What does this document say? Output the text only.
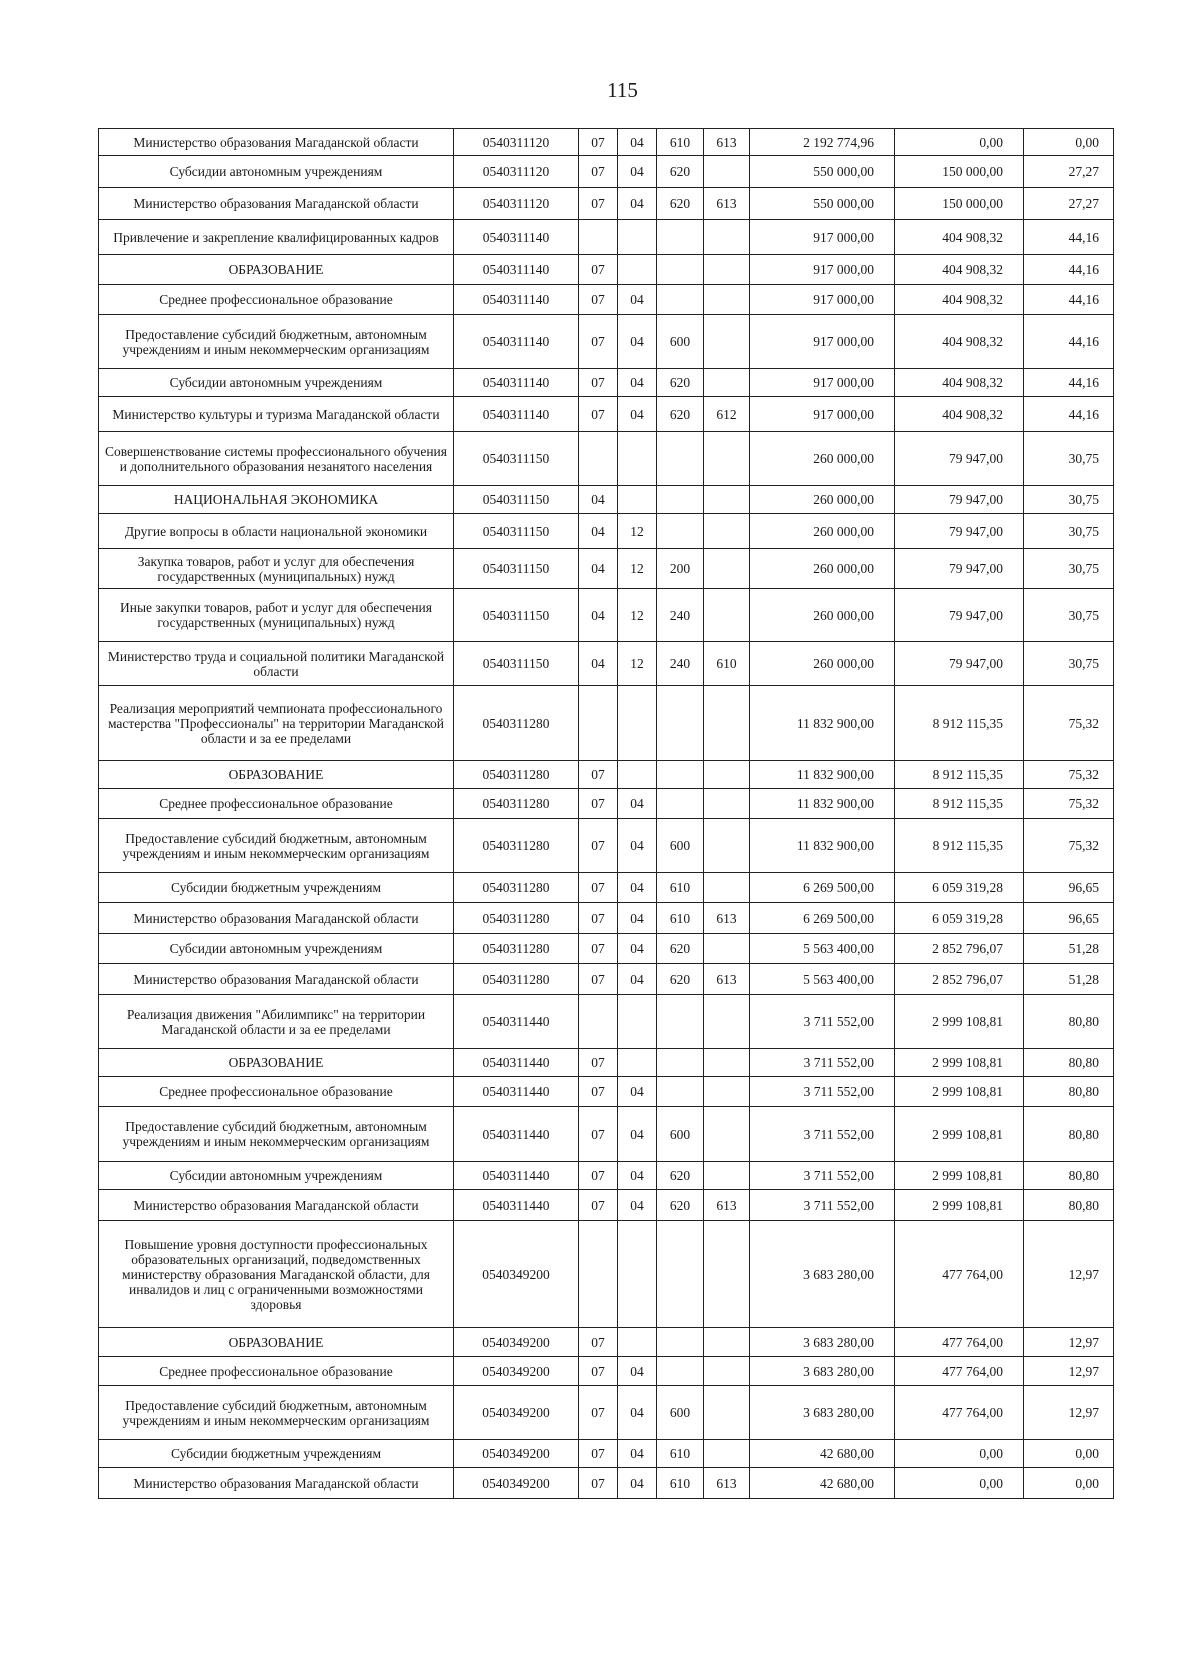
115
Министерство образования Магаданской области	0540311120	07	04	610	613	2 192 774,96	0,00	0,00
Субсидии автономным учреждениям	0540311120	07	04	620		550 000,00	150 000,00	27,27
Министерство образования Магаданской области	0540311120	07	04	620	613	550 000,00	150 000,00	27,27
Привлечение и закрепление квалифицированных кадров	0540311140					917 000,00	404 908,32	44,16
ОБРАЗОВАНИЕ	0540311140	07				917 000,00	404 908,32	44,16
Среднее профессиональное образование	0540311140	07	04			917 000,00	404 908,32	44,16
Предоставление субсидий бюджетным, автономным учреждениям и иным некоммерческим организациям	0540311140	07	04	600		917 000,00	404 908,32	44,16
Субсидии автономным учреждениям	0540311140	07	04	620		917 000,00	404 908,32	44,16
Министерство культуры и туризма Магаданской области	0540311140	07	04	620	612	917 000,00	404 908,32	44,16
Совершенствование системы профессионального обучения и дополнительного образования незанятого населения	0540311150					260 000,00	79 947,00	30,75
НАЦИОНАЛЬНАЯ ЭКОНОМИКА	0540311150	04				260 000,00	79 947,00	30,75
Другие вопросы в области национальной экономики	0540311150	04	12			260 000,00	79 947,00	30,75
Закупка товаров, работ и услуг для обеспечения государственных (муниципальных) нужд	0540311150	04	12	200		260 000,00	79 947,00	30,75
Иные закупки товаров, работ и услуг для обеспечения государственных (муниципальных) нужд	0540311150	04	12	240		260 000,00	79 947,00	30,75
Министерство труда и социальной политики Магаданской области	0540311150	04	12	240	610	260 000,00	79 947,00	30,75
Реализация мероприятий чемпионата профессионального мастерства "Профессионалы" на территории Магаданской области и за ее пределами	0540311280					11 832 900,00	8 912 115,35	75,32
ОБРАЗОВАНИЕ	0540311280	07				11 832 900,00	8 912 115,35	75,32
Среднее профессиональное образование	0540311280	07	04			11 832 900,00	8 912 115,35	75,32
Предоставление субсидий бюджетным, автономным учреждениям и иным некоммерческим организациям	0540311280	07	04	600		11 832 900,00	8 912 115,35	75,32
Субсидии бюджетным учреждениям	0540311280	07	04	610		6 269 500,00	6 059 319,28	96,65
Министерство образования Магаданской области	0540311280	07	04	610	613	6 269 500,00	6 059 319,28	96,65
Субсидии автономным учреждениям	0540311280	07	04	620		5 563 400,00	2 852 796,07	51,28
Министерство образования Магаданской области	0540311280	07	04	620	613	5 563 400,00	2 852 796,07	51,28
Реализация движения "Абилимпикс" на территории Магаданской области и за ее пределами	0540311440					3 711 552,00	2 999 108,81	80,80
ОБРАЗОВАНИЕ	0540311440	07				3 711 552,00	2 999 108,81	80,80
Среднее профессиональное образование	0540311440	07	04			3 711 552,00	2 999 108,81	80,80
Предоставление субсидий бюджетным, автономным учреждениям и иным некоммерческим организациям	0540311440	07	04	600		3 711 552,00	2 999 108,81	80,80
Субсидии автономным учреждениям	0540311440	07	04	620		3 711 552,00	2 999 108,81	80,80
Министерство образования Магаданской области	0540311440	07	04	620	613	3 711 552,00	2 999 108,81	80,80
Повышение уровня доступности профессиональных образовательных организаций, подведомственных министерству образования Магаданской области, для инвалидов и лиц с ограниченными возможностями здоровья	0540349200					3 683 280,00	477 764,00	12,97
ОБРАЗОВАНИЕ	0540349200	07				3 683 280,00	477 764,00	12,97
Среднее профессиональное образование	0540349200	07	04			3 683 280,00	477 764,00	12,97
Предоставление субсидий бюджетным, автономным учреждениям и иным некоммерческим организациям	0540349200	07	04	600		3 683 280,00	477 764,00	12,97
Субсидии бюджетным учреждениям	0540349200	07	04	610		42 680,00	0,00	0,00
Министерство образования Магаданской области	0540349200	07	04	610	613	42 680,00	0,00	0,00
